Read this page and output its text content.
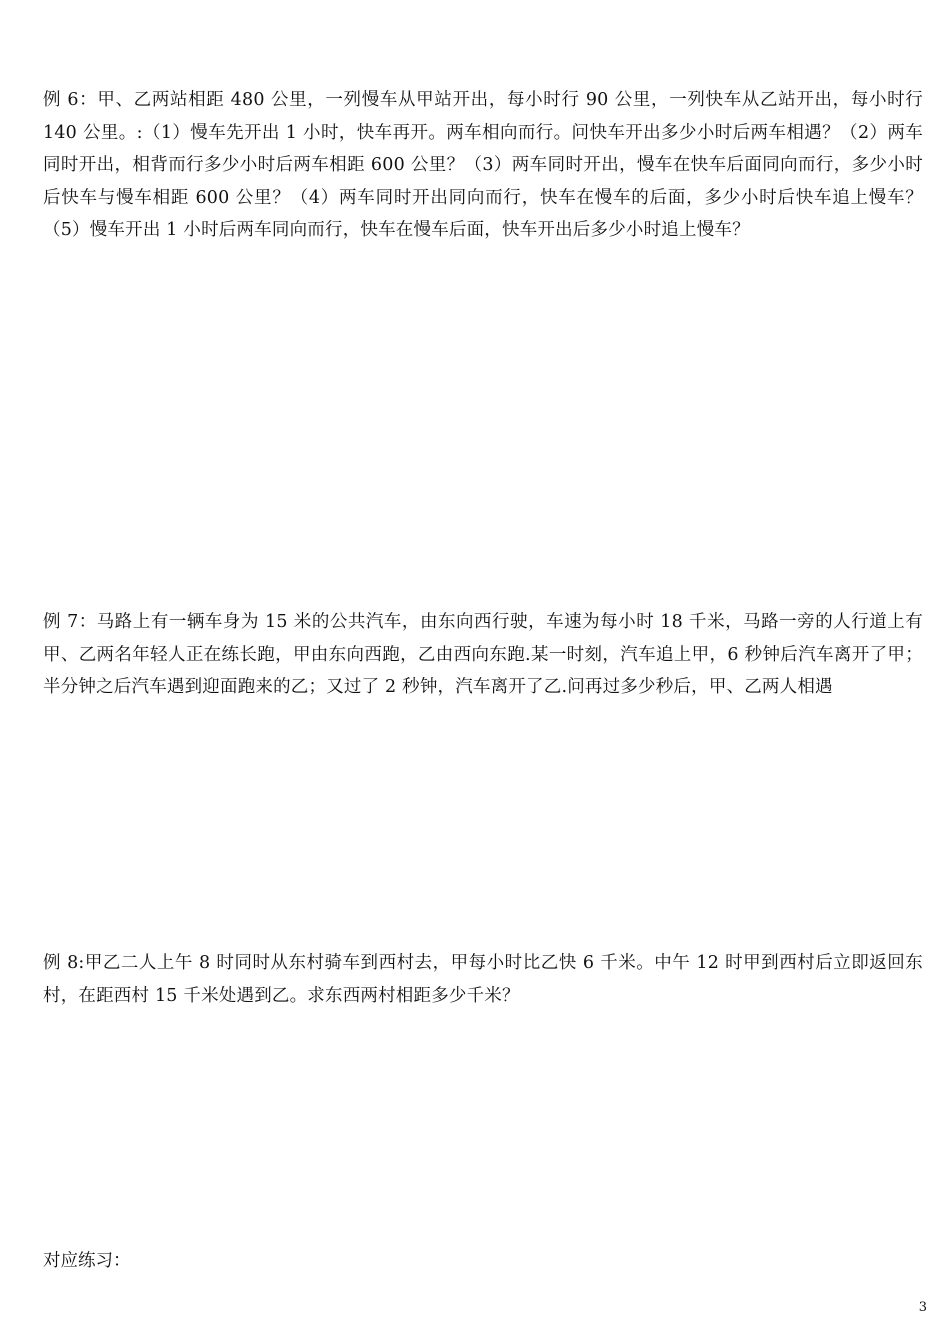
例 6：甲、乙两站相距 480 公里，一列慢车从甲站开出，每小时行 90 公里，一列快车从乙站开出，每小时行 140 公里。:（1）慢车先开出 1 小时，快车再开。两车相向而行。问快车开出多少小时后两车相遇？（2）两车同时开出，相背而行多少小时后两车相距 600 公里？（3）两车同时开出，慢车在快车后面同向而行，多少小时后快车与慢车相距 600 公里？（4）两车同时开出同向而行，快车在慢车的后面，多少小时后快车追上慢车？（5）慢车开出 1 小时后两车同向而行，快车在慢车后面，快车开出后多少小时追上慢车？

例 7：马路上有一辆车身为 15 米的公共汽车，由东向西行驶，车速为每小时 18 千米，马路一旁的人行道上有甲、乙两名年轻人正在练长跑，甲由东向西跑，乙由西向东跑.某一时刻，汽车追上甲，6 秒钟后汽车离开了甲；半分钟之后汽车遇到迎面跑来的乙；又过了 2 秒钟，汽车离开了乙.问再过多少秒后，甲、乙两人相遇

例 8:甲乙二人上午 8 时同时从东村骑车到西村去，甲每小时比乙快 6 千米。中午 12 时甲到西村后立即返回东村，在距西村 15 千米处遇到乙。求东西两村相距多少千米？

对应练习：

3
